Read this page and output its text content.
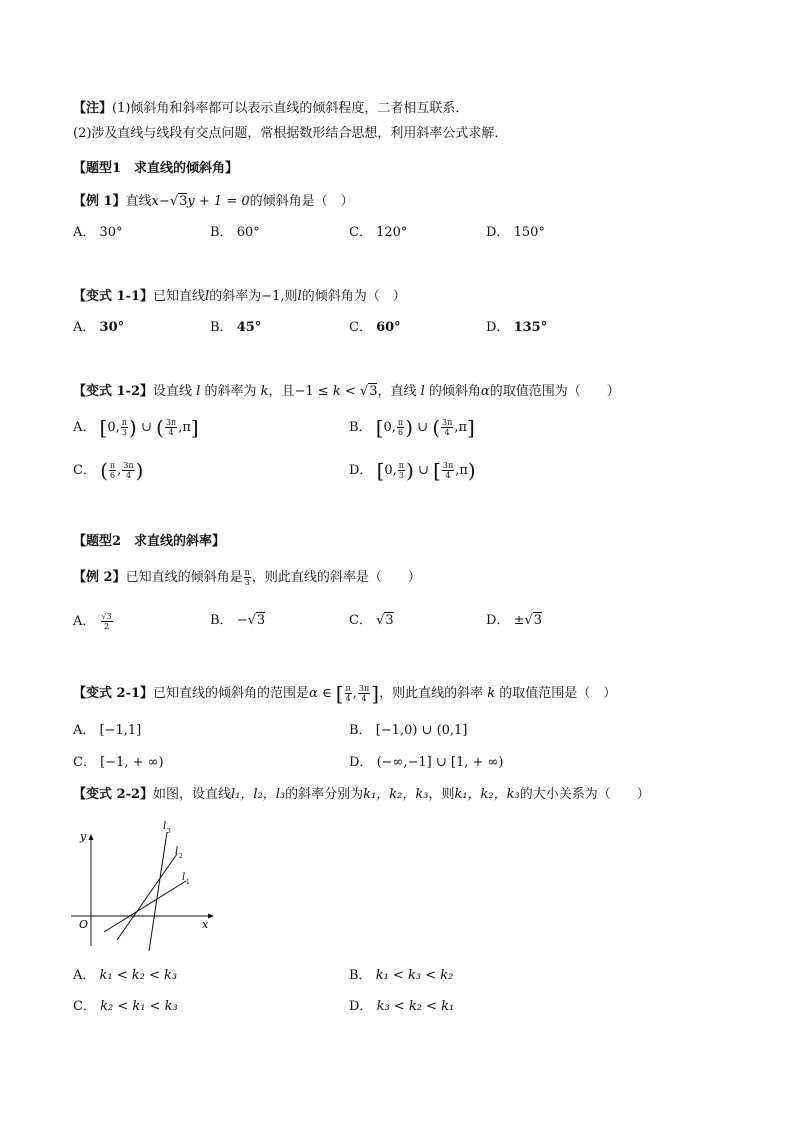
【注】(1)倾斜角和斜率都可以表示直线的倾斜程度，二者相互联系．
(2)涉及直线与线段有交点问题，常根据数形结合思想，利用斜率公式求解．
【题型1　求直线的倾斜角】
【例 1】直线x−√3y + 1 = 0的倾斜角是（　）
A． 30°	B． 60°	C． 120°	D． 150°
【变式 1-1】已知直线l的斜率为−1,则l的倾斜角为（　）
A． 30°	B． 45°	C． 60°	D． 135°
【变式 1-2】设直线 l 的斜率为 k，且−1 ≤ k < √3，直线 l 的倾斜角α的取值范围为（　　）
A． [0, $\frac{\pi}{3}$ ) ∪ ( $\frac{3\pi}{4} ,\pi$]	B． [0, $\frac{\pi}{6}$ ) ∪ ( $\frac{3\pi}{4} ,\pi$]
C． ( $\frac{\pi}{6}$ , $\frac{3\pi}{4}$ )	D． [0, $\frac{\pi}{3}$ ) ∪ [ $\frac{3\pi}{4} ,\pi$)
【题型2　求直线的斜率】
【例 2】已知直线的倾斜角是 $\frac{\pi}{3}$ ，则此直线的斜率是（　　）
A． $\frac{√3}{2}$	B． −√3	C． √3	D． ±√3
【变式 2-1】已知直线的倾斜角的范围是α ∈ [ $\frac{\pi}{4}$ , $\frac{3\pi}{4}$ ]，则此直线的斜率 k 的取值范围是（　）
A． [−1,1]	B． [−1,0) ∪ (0,1]
C． [−1, + ∞)	D． (−∞,−1] ∪ [1, + ∞)
【变式 2-2】如图，设直线l₁，l₂，l₃的斜率分别为k₁，k₂，k₃，则k₁，k₂，k₃的大小关系为（　　）
y
x
O
l 1
l 2
l 3
A． k₁ < k₂ < k₃	B． k₁ < k₃ < k₂
C． k₂ < k₁ < k₃	D． k₃ < k₂ < k₁
